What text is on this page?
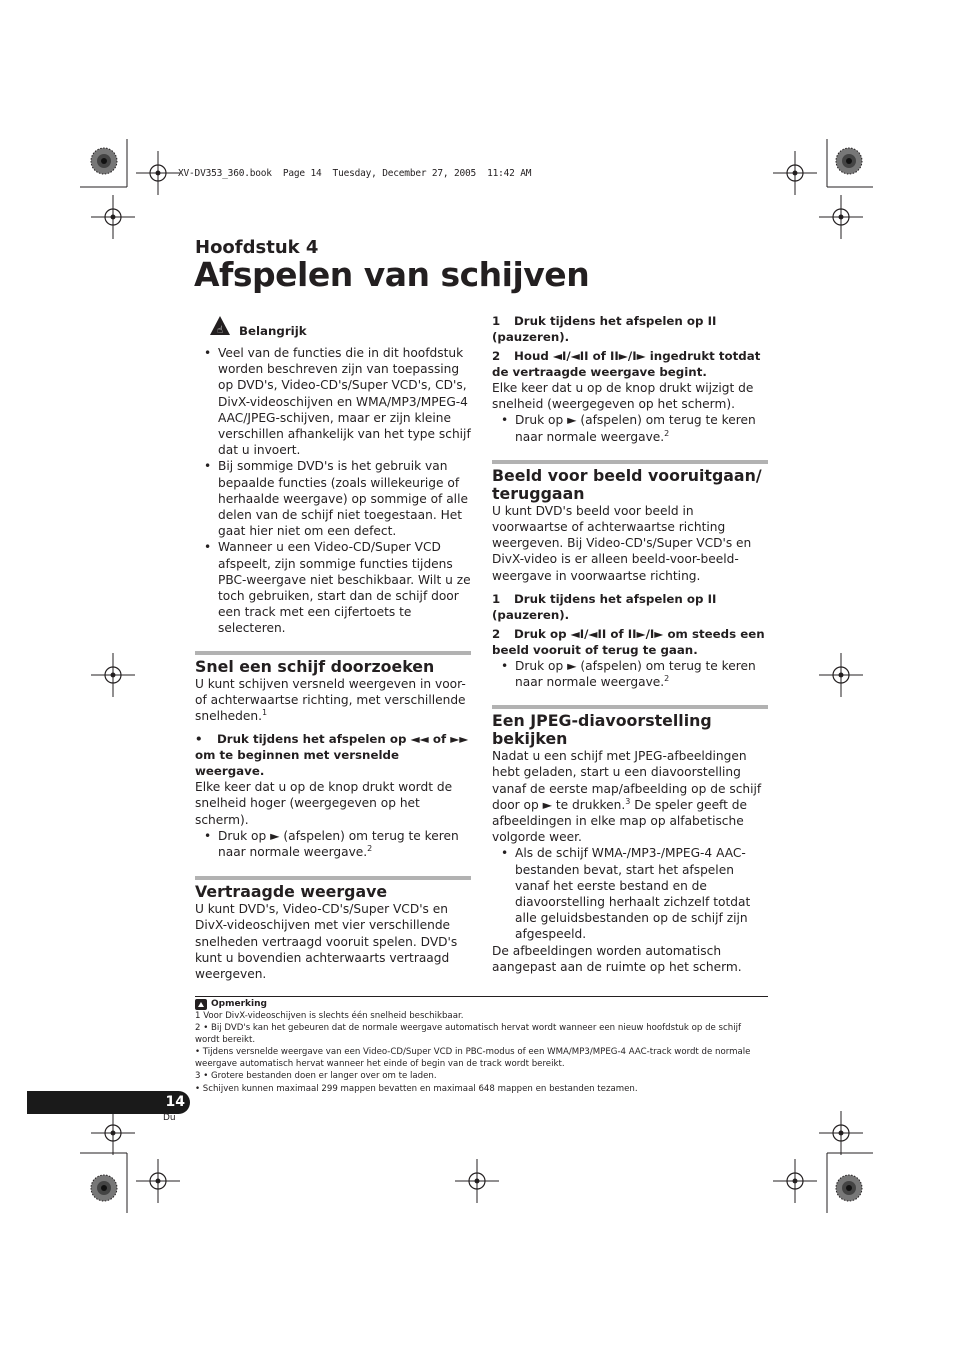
XV-DV353_360.book  Page 14  Tuesday, December 27, 2005  11:42 AM
Hoofdstuk 4
Afspelen van schijven
☝ Belangrijk
• Veel van de functies die in dit hoofdstuk worden beschreven zijn van toepassing op DVD's, Video-CD's/Super VCD's, CD's, DivX-videoschijven en WMA/MP3/MPEG-4 AAC/JPEG-schijven, maar er zijn kleine verschillen afhankelijk van het type schijf dat u invoert.
• Bij sommige DVD's is het gebruik van bepaalde functies (zoals willekeurige of herhaalde weergave) op sommige of alle delen van de schijf niet toegestaan. Het gaat hier niet om een defect.
• Wanneer u een Video-CD/Super VCD afspeelt, zijn sommige functies tijdens PBC-weergave niet beschikbaar. Wilt u ze toch gebruiken, start dan de schijf door een track met een cijfertoets te selecteren.
Snel een schijf doorzoeken

U kunt schijven versneld weergeven in voor- of achterwaartse richting, met verschillende snelheden.$^1$

• Druk tijdens het afspelen op ◄◄ of ►► om te beginnen met versnelde weergave.

Elke keer dat u op de knop drukt wordt de snelheid hoger (weergegeven op het scherm).

• Druk op ► (afspelen) om terug te keren naar normale weergave.$^2$
Vertraagde weergave

U kunt DVD's, Video-CD's/Super VCD's en DivX-videoschijven met vier verschillende snelheden vertraagd vooruit spelen. DVD's kunt u bovendien achterwaarts vertraagd weergeven.

1 Druk tijdens het afspelen op II (pauzeren).

2 Houd ◄I/◄II of II►/I► ingedrukt totdat de vertraagde weergave begint.

Elke keer dat u op de knop drukt wijzigt de snelheid (weergegeven op het scherm).

• Druk op ► (afspelen) om terug te keren naar normale weergave.$^2$
Beeld voor beeld vooruitgaan/ teruggaan

U kunt DVD's beeld voor beeld in voorwaartse of achterwaartse richting weergeven. Bij Video-CD's/Super VCD's en DivX-video is er alleen beeld-voor-beeld-weergave in voorwaartse richting.

1 Druk tijdens het afspelen op II (pauzeren).

2 Druk op ◄I/◄II of II►/I► om steeds een beeld vooruit of terug te gaan.

• Druk op ► (afspelen) om terug te keren naar normale weergave.$^2$
Een JPEG-diavoorstelling bekijken

Nadat u een schijf met JPEG-afbeeldingen hebt geladen, start u een diavoorstelling vanaf de eerste map/afbeelding op de schijf door op ► te drukken.$^3$ De speler geeft de afbeeldingen in elke map op alfabetische volgorde weer.

• Als de schijf WMA-/MP3-/MPEG-4 AAC-bestanden bevat, start het afspelen vanaf het eerste bestand en de diavoorstelling herhaalt zichzelf totdat alle geluidsbestanden op de schijf zijn afgespeeld.

De afbeeldingen worden automatisch aangepast aan de ruimte op het scherm.

Opmerking
1 Voor DivX-videoschijven is slechts één snelheid beschikbaar.
2 • Bij DVD's kan het gebeuren dat de normale weergave automatisch hervat wordt wanneer een nieuw hoofdstuk op de schijf wordt bereikt.
• Tijdens versnelde weergave van een Video-CD/Super VCD in PBC-modus of een WMA/MP3/MPEG-4 AAC-track wordt de normale weergave automatisch hervat wanneer het einde of begin van de track wordt bereikt.
3 • Grotere bestanden doen er langer over om te laden.
• Schijven kunnen maximaal 299 mappen bevatten en maximaal 648 mappen en bestanden tezamen.
14
Du
